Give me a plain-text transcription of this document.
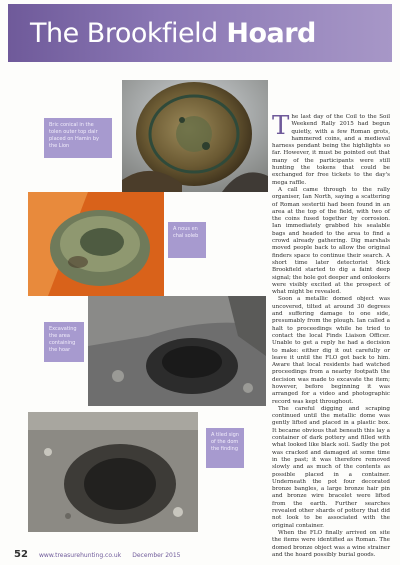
The Brookfield Hoard
Bric conical in the tolen outer top dair placed on Hamin by the Lion
A nous en chal soleb
Excavating the area containing the hoar
A tiled sign of the dom the finding

The last day of the Coil to the Soil Weekend Rally 2015 had begun quietly, with a few Roman grots, hammered coins, and a medieval harness pendant being the highlights so far. However, it must be pointed out that many of the participants were still hunting the tokens that could be exchanged for free tickets to the day's mega raffle.

A call came through to the rally organiser, Ian North, saying a scattering of Roman sestertii had been found in an area at the top of the field, with two of the coins fused together by corrosion. Ian immediately grabbed his sealable bags and headed to the area to find a crowd already gathering. Dig marshals moved people back to allow the original finders space to continue their search. A short time later detectorist Mick Brookfield started to dig a faint deep signal; the hole got deeper and onlookers were visibly excited at the prospect of what might be revealed.

Soon a metallic domed object was uncovered, tilted at around 30 degrees and suffering damage to one side, presumably from the plough. Ian called a halt to proceedings while he tried to contact the local Finds Liaison Officer. Unable to get a reply he had a decision to make: either dig it out carefully or leave it until the FLO got back to him. Aware that local residents had watched proceedings from a nearby footpath the decision was made to excavate the item; however, before beginning it was arranged for a video and photographic record was kept throughout.

The careful digging and scraping continued until the metallic dome was gently lifted and placed in a plastic box. It became obvious that beneath this lay a container of dark pottery and filled with what looked like black soil. Sadly the pot was cracked and damaged at some time in the past; it was therefore removed slowly and as much of the contents as possible placed in a container. Underneath the pot four decorated bronze bangles, a large bronze hair pin and bronze wire bracelet were lifted from the earth. Further searches revealed other shards of pottery that did not look to be associated with the original container.

When the FLO finally arrived on site the items were identified as Roman. The domed bronze object was a wine strainer and the hoard possibly burial goods.

52 www.treasurehunting.co.uk December 2015
